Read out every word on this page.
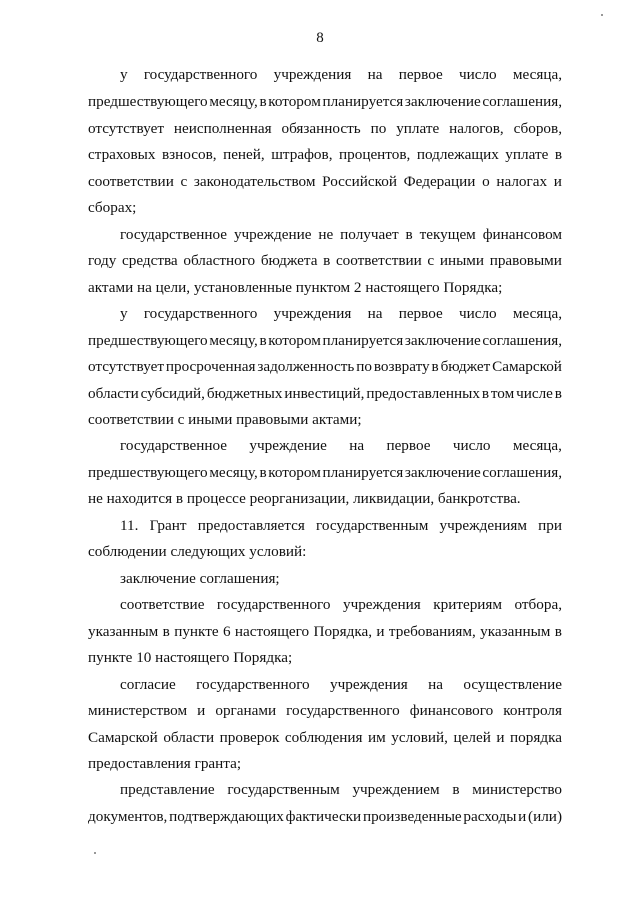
8
у государственного учреждения на первое число месяца,
предшествующего месяцу, в котором планируется заключение соглашения,
отсутствует неисполненная обязанность по уплате налогов, сборов,
страховых взносов, пеней, штрафов, процентов, подлежащих уплате в
соответствии с законодательством Российской Федерации о налогах и
сборах;
государственное учреждение не получает в текущем финансовом
году средства областного бюджета в соответствии с иными правовыми
актами на цели, установленные пунктом 2 настоящего Порядка;
у государственного учреждения на первое число месяца,
предшествующего месяцу, в котором планируется заключение соглашения,
отсутствует просроченная задолженность по возврату в бюджет Самарской
области субсидий, бюджетных инвестиций, предоставленных в том числе в
соответствии с иными правовыми актами;
государственное учреждение на первое число месяца,
предшествующего месяцу, в котором планируется заключение соглашения,
не находится в процессе реорганизации, ликвидации, банкротства.
11. Грант предоставляется государственным учреждениям при
соблюдении следующих условий:
заключение соглашения;
соответствие государственного учреждения критериям отбора,
указанным в пункте 6 настоящего Порядка, и требованиям, указанным в
пункте 10 настоящего Порядка;
согласие государственного учреждения на осуществление
министерством и органами государственного финансового контроля
Самарской области проверок соблюдения им условий, целей и порядка
предоставления гранта;
представление государственным учреждением в министерство
документов, подтверждающих фактически произведенные расходы и (или)
